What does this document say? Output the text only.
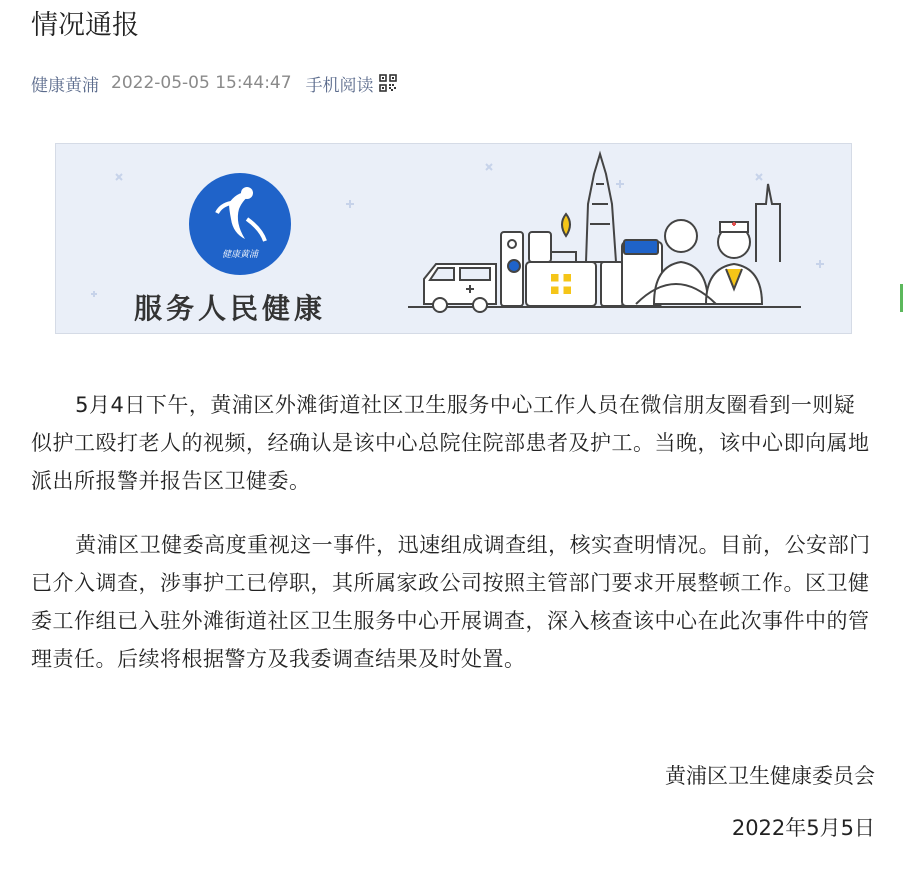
情况通报
健康黄浦 2022-05-05 15:44:47 手机阅读
健康黄浦
服务人民健康

5月4日下午，黄浦区外滩街道社区卫生服务中心工作人员在微信朋友圈看到一则疑似护工殴打老人的视频，经确认是该中心总院住院部患者及护工。当晚，该中心即向属地派出所报警并报告区卫健委。

黄浦区卫健委高度重视这一事件，迅速组成调查组，核实查明情况。目前，公安部门已介入调查，涉事护工已停职，其所属家政公司按照主管部门要求开展整顿工作。区卫健委工作组已入驻外滩街道社区卫生服务中心开展调查，深入核查该中心在此次事件中的管理责任。后续将根据警方及我委调查结果及时处置。

黄浦区卫生健康委员会
2022年5月5日
